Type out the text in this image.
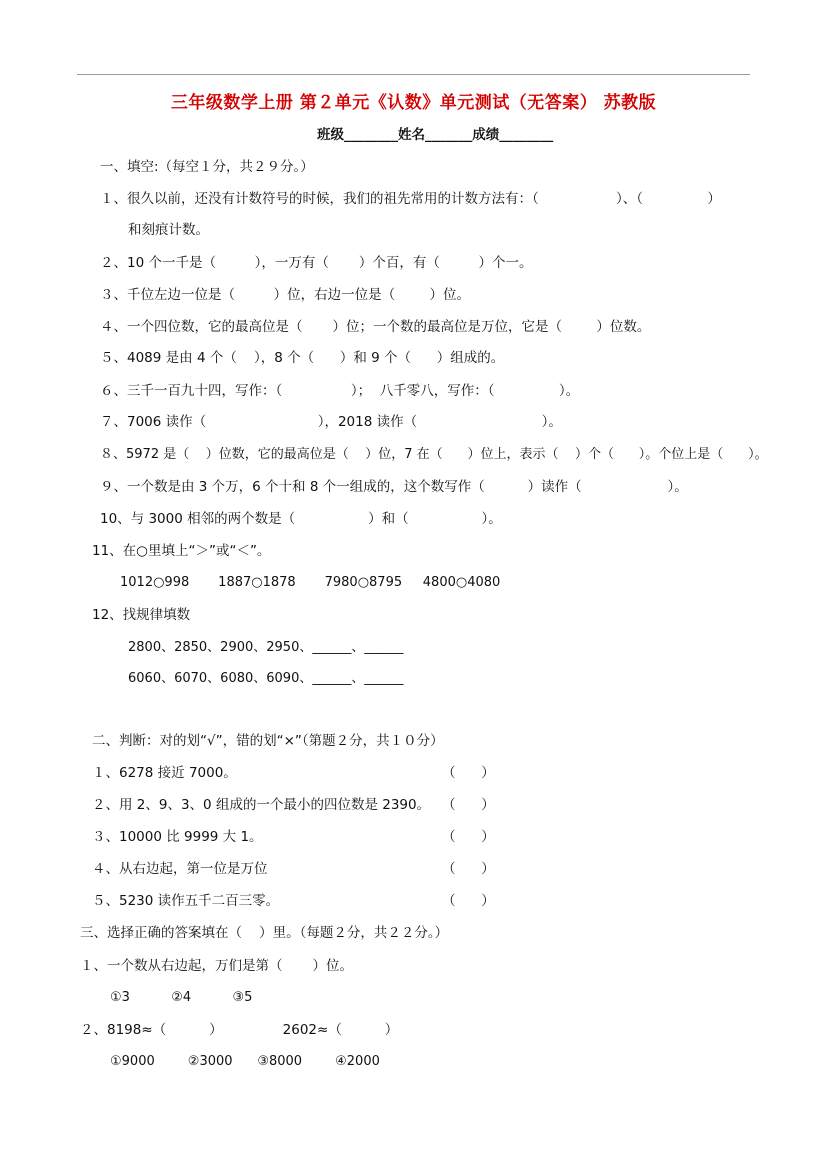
三年级数学上册 第２单元《认数》单元测试（无答案） 苏教版
班级________姓名_______成绩________
一、填空:（每空１分，共２９分。）
１、很久以前，还没有计数符号的时候，我们的祖先常用的计数方法有：（                  ）、（               ）
和刻痕计数。
２、10 个一千是（         ），一万有（       ）个百，有（         ）个一。
３、千位左边一位是（         ）位，右边一位是（        ）位。
４、一个四位数，它的最高位是（       ）位；一个数的最高位是万位，它是（        ）位数。
５、4089 是由 4 个（    ），8 个（      ）和 9 个（      ）组成的。
６、三千一百九十四，写作：（                ）；  八千零八，写作：（               ）。
７、7006 读作（                          ），2018 读作（                             ）。
８、5972 是（    ）位数，它的最高位是（    ）位，7 在（      ）位上，表示（    ）个（      ）。个位上是（      ）。
９、一个数是由 3 个万，6 个十和 8 个一组成的，这个数写作（          ）读作（                    ）。
10、与 3000 相邻的两个数是（                 ）和（                 ）。
11、在○里填上“＞”或“＜”。
1012○998       1887○1878       7980○8795     4800○4080
12、找规律填数
2800、2850、2900、2950、______、______
6060、6070、6080、6090、______、______
二、判断：对的划“√”，错的划“×”（第题２分，共１０分）
１、6278 接近 7000。	（      ）
２、用 2、9、3、0 组成的一个最小的四位数是 2390。 （      ）
３、10000 比 9999 大 1。	（      ）
４、从右边起，第一位是万位	（      ）
５、5230 读作五千二百三零。	（      ）
三、选择正确的答案填在（    ）里。（每题２分，共２２分。）
１、一个数从右边起，万们是第（       ）位。
①3          ②4          ③5
２、8198≈（          ）              2602≈（          ）
①9000        ②3000      ③8000        ④2000
